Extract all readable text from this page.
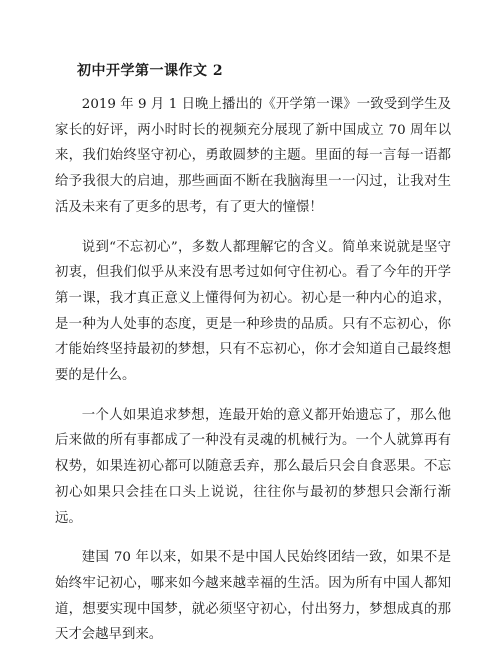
初中开学第一课作文 2

2019 年 9 月 1 日晚上播出的《开学第一课》一致受到学生及家长的好评，两小时时长的视频充分展现了新中国成立 70 周年以来，我们始终坚守初心，勇敢圆梦的主题。里面的每一言每一语都给予我很大的启迪，那些画面不断在我脑海里一一闪过，让我对生活及未来有了更多的思考，有了更大的憧憬！

说到“不忘初心”，多数人都理解它的含义。简单来说就是坚守初衷，但我们似乎从来没有思考过如何守住初心。看了今年的开学第一课，我才真正意义上懂得何为初心。初心是一种内心的追求，是一种为人处事的态度，更是一种珍贵的品质。只有不忘初心，你才能始终坚持最初的梦想，只有不忘初心，你才会知道自己最终想要的是什么。

一个人如果追求梦想，连最开始的意义都开始遗忘了，那么他后来做的所有事都成了一种没有灵魂的机械行为。一个人就算再有权势，如果连初心都可以随意丢弃，那么最后只会自食恶果。不忘初心如果只会挂在口头上说说，往往你与最初的梦想只会渐行渐远。

建国 70 年以来，如果不是中国人民始终团结一致，如果不是始终牢记初心，哪来如今越来越幸福的生活。因为所有中国人都知道，想要实现中国梦，就必须坚守初心，付出努力，梦想成真的那天才会越早到来。
